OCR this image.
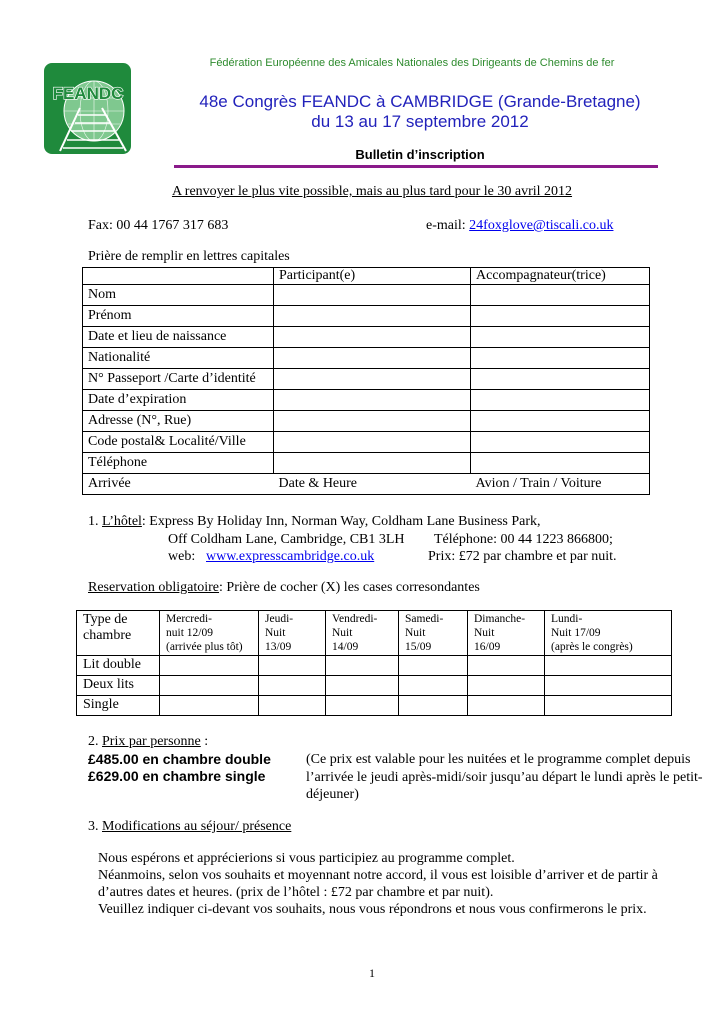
Fédération Européenne des Amicales Nationales des Dirigeants de Chemins de fer
FEANDC	48e Congrès FEANDC à CAMBRIDGE (Grande-Bretagne)
du 13 au 17 septembre 2012
Bulletin d’inscription
A renvoyer le plus vite possible, mais au plus tard pour le 30 avril 2012
Fax: 00 44 1767 317 683	e-mail: 24foxglove@tiscali.co.uk
Prière de remplir en lettres capitales
	Participant(e)	Accompagnateur(trice)
Nom		
Prénom		
Date et lieu de naissance		
Nationalité		
N° Passeport /Carte d’identité		
Date d’expiration		
Adresse (N°, Rue)		
Code postal& Localité/Ville		
Téléphone		
Arrivée	Date & Heure	Avion / Train / Voiture
1. L’hôtel: Express By Holiday Inn, Norman Way, Coldham Lane Business Park,
Off Coldham Lane, Cambridge, CB1 3LH Téléphone: 00 44 1223 866800;
web: www.expresscambridge.co.uk	Prix: £72 par chambre et par nuit.
Reservation obligatoire: Prière de cocher (X) les cases corresondantes
Type de chambre	Mercredi-
nuit 12/09
(arrivée plus tôt)	Jeudi-
Nuit
13/09	Vendredi-
Nuit
14/09	Samedi-
Nuit
15/09	Dimanche-
Nuit
16/09	Lundi-
Nuit 17/09
(après le congrès)
Lit double						
Deux lits						
Single						
2. Prix par personne :
£485.00 en chambre double
£629.00 en chambre single
(Ce prix est valable pour les nuitées et le programme complet depuis l’arrivée le jeudi après-midi/soir jusqu’au départ le lundi après le petit-déjeuner)
3. Modifications au séjour/ présence
Nous espérons et apprécierions si vous participiez au programme complet.
Néanmoins, selon vos souhaits et moyennant notre accord, il vous est loisible d’arriver et de partir à d’autres dates et heures. (prix de l’hôtel : £72 par chambre et par nuit).
Veuillez indiquer ci-devant vos souhaits, nous vous répondrons et nous vous confirmerons le prix.
1
